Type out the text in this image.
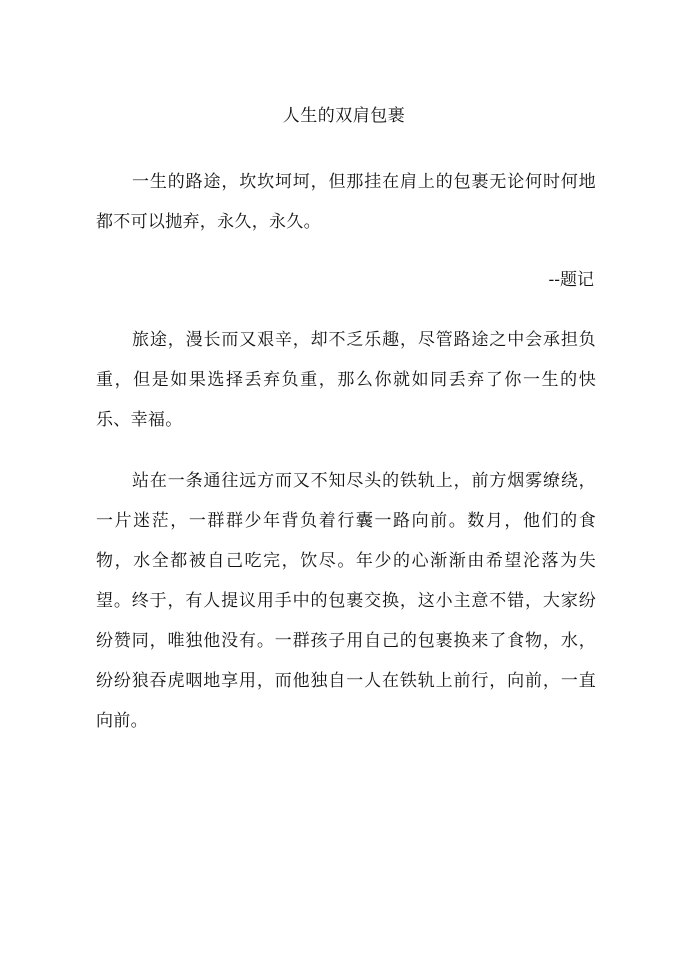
人生的双肩包裹

一生的路途，坎坎坷坷，但那挂在肩上的包裹无论何时何地都不可以抛弃，永久，永久。

--题记

旅途，漫长而又艰辛，却不乏乐趣，尽管路途之中会承担负重，但是如果选择丢弃负重，那么你就如同丢弃了你一生的快乐、幸福。

站在一条通往远方而又不知尽头的铁轨上，前方烟雾缭绕，一片迷茫，一群群少年背负着行囊一路向前。数月，他们的食物，水全都被自己吃完，饮尽。年少的心渐渐由希望沦落为失望。终于，有人提议用手中的包裹交换，这小主意不错，大家纷纷赞同，唯独他没有。一群孩子用自己的包裹换来了食物，水，纷纷狼吞虎咽地享用，而他独自一人在铁轨上前行，向前，一直向前。
